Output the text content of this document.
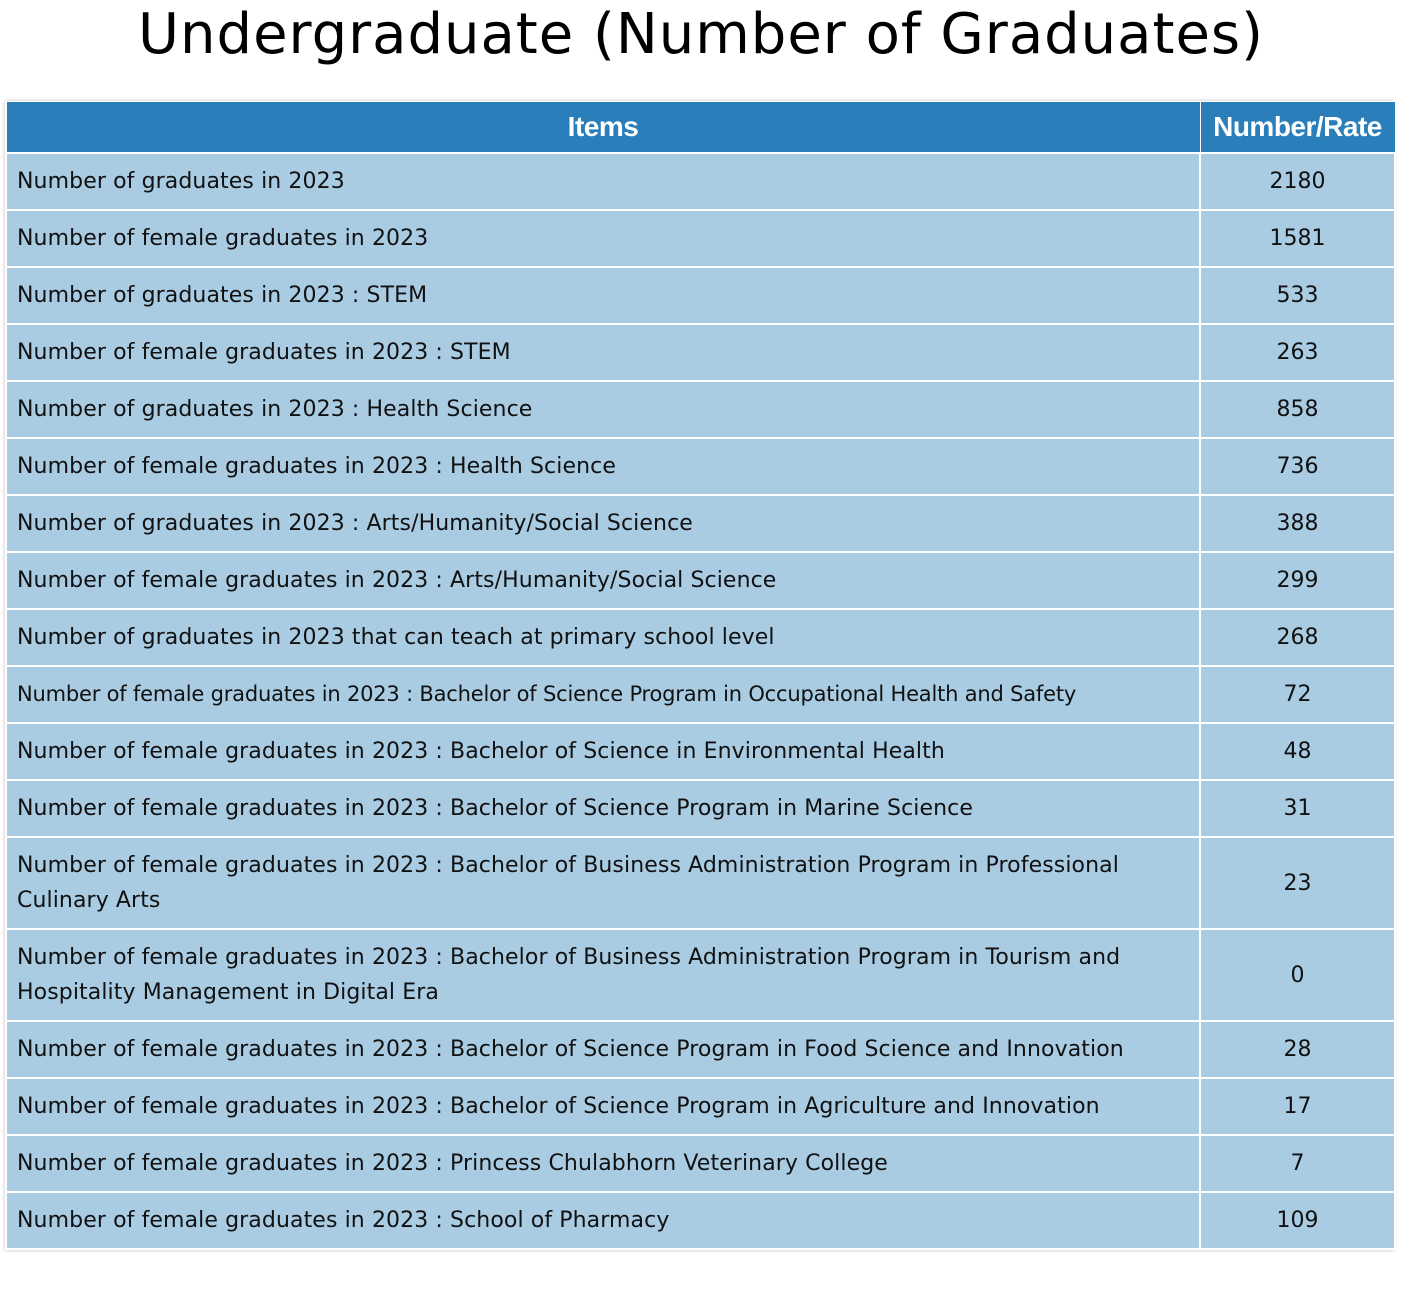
Undergraduate (Number of Graduates)
Items	Number/Rate
Number of graduates in 2023	2180
Number of female graduates in 2023	1581
Number of graduates in 2023 : STEM	533
Number of female graduates in 2023 : STEM	263
Number of graduates in 2023 : Health Science	858
Number of female graduates in 2023 : Health Science	736
Number of graduates in 2023 : Arts/Humanity/Social Science	388
Number of female graduates in 2023 : Arts/Humanity/Social Science	299
Number of graduates in 2023 that can teach at primary school level	268
Number of female graduates in 2023 : Bachelor of Science Program in Occupational Health and Safety	72
Number of female graduates in 2023 : Bachelor of Science in Environmental Health	48
Number of female graduates in 2023 : Bachelor of Science Program in Marine Science	31
Number of female graduates in 2023 : Bachelor of Business Administration Program in Professional Culinary Arts	23
Number of female graduates in 2023 : Bachelor of Business Administration Program in Tourism and Hospitality Management in Digital Era	0
Number of female graduates in 2023 : Bachelor of Science Program in Food Science and Innovation	28
Number of female graduates in 2023 : Bachelor of Science Program in Agriculture and Innovation	17
Number of female graduates in 2023 : Princess Chulabhorn Veterinary College	7
Number of female graduates in 2023 : School of Pharmacy	109
